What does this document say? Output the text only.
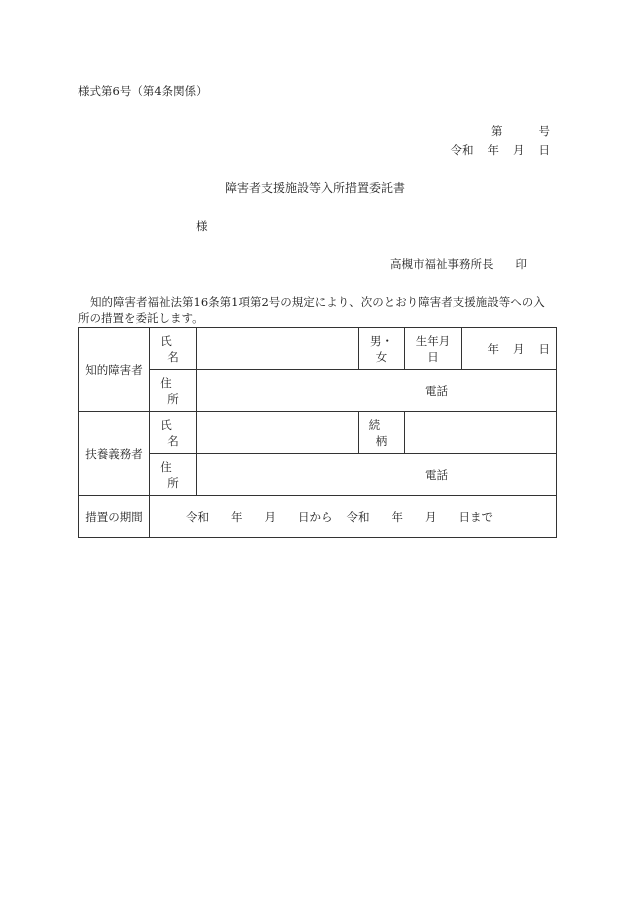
様式第6号（第4条関係）
第	号
令和 年 月 日
障害者支援施設等入所措置委託書
様
高槻市福祉事務所長 印
知的障害者福祉法第16条第1項第2号の規定により、次のとおり障害者支援施設等への入所の措置を委託します。
知的障害者	氏名		男・女	生年月日	年 月 日
	住所	電話			
扶養義務者	氏名		続柄		
	住所	電話			
措置の期間	令和 年 月 日から 令和 年 月 日まで				
